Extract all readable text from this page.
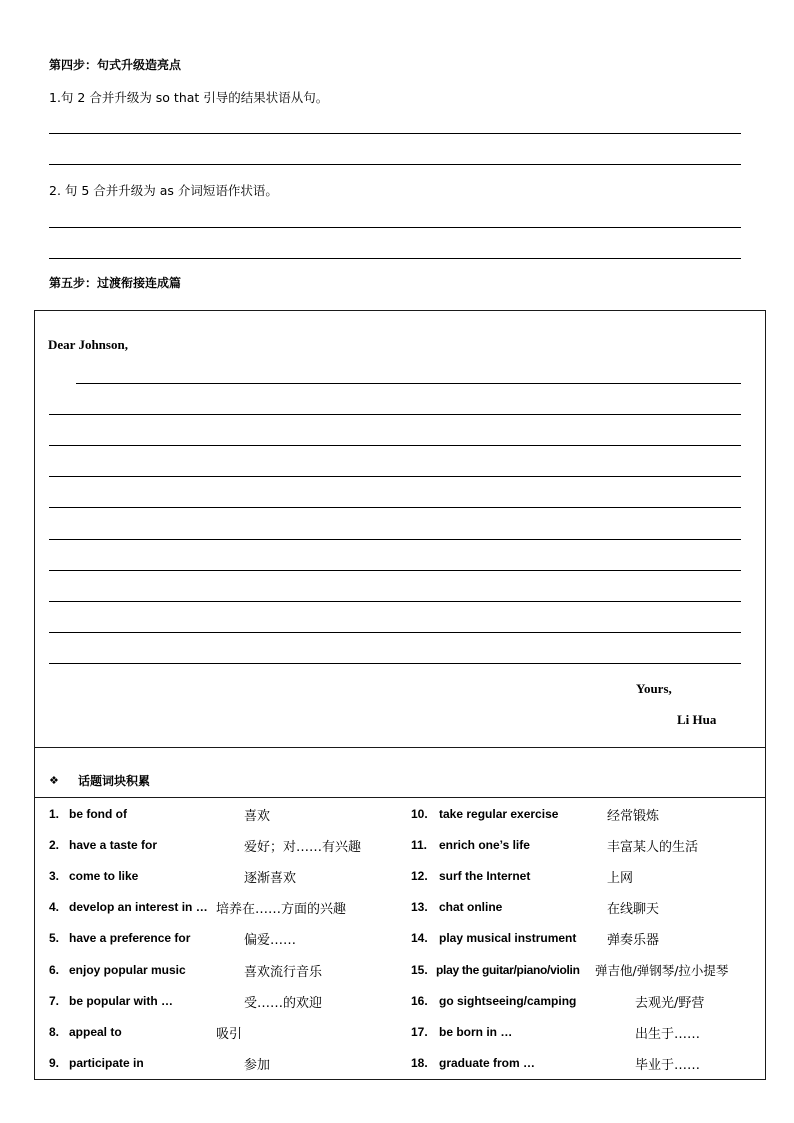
第四步：句式升级造亮点
1.句 2 合并升级为 so that 引导的结果状语从句。
2. 句 5 合并升级为 as 介词短语作状语。
第五步：过渡衔接连成篇
Dear Johnson,
Yours,
Li Hua
❖ 话题词块积累
1. be fond of	喜欢
2. have a taste for	爱好；对……有兴趣
3. come to like	逐渐喜欢
4. develop an interest in … 培养在……方面的兴趣
5. have a preference for	偏爱……
6. enjoy popular music	喜欢流行音乐
7. be popular with …	受……的欢迎
8. appeal to	吸引
9. participate in	参加
10. take regular exercise	经常锻炼
11. enrich one’s life	丰富某人的生活
12. surf the Internet	上网
13. chat online	在线聊天
14. play musical instrument 弹奏乐器
15. play the guitar/piano/violin 弹吉他/弹钢琴/拉小提琴
16. go sightseeing/camping	去观光/野营
17. be born in …	出生于……
18. graduate from …	毕业于……
